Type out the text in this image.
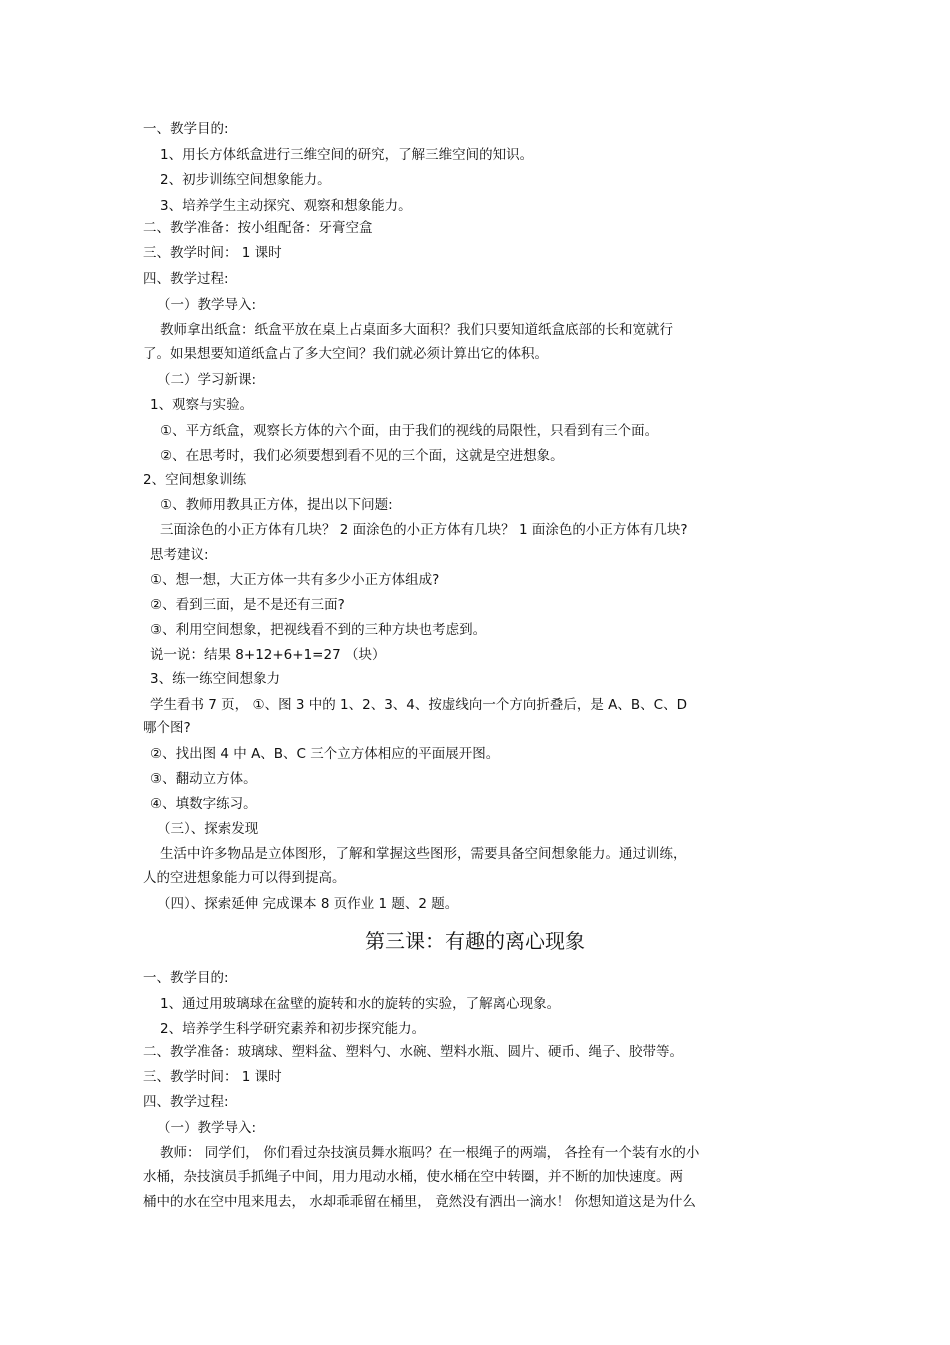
一、教学目的:
1、用长方体纸盒进行三维空间的研究，了解三维空间的知识。
2、初步训练空间想象能力。
3、培养学生主动探究、观察和想象能力。
二、教学准备：按小组配备：牙膏空盒
三、教学时间： 1 课时
四、教学过程:
（一）教学导入:
教师拿出纸盒：纸盒平放在桌上占桌面多大面积？我们只要知道纸盒底部的长和宽就行
了。如果想要知道纸盒占了多大空间？我们就必须计算出它的体积。
（二）学习新课:
1、观察与实验。
①、平方纸盒，观察长方体的六个面，由于我们的视线的局限性，只看到有三个面。
②、在思考时，我们必须要想到看不见的三个面，这就是空进想象。
2、空间想象训练
①、教师用教具正方体，提出以下问题:
三面涂色的小正方体有几块？ 2 面涂色的小正方体有几块？ 1 面涂色的小正方体有几块?
思考建议:
①、想一想，大正方体一共有多少小正方体组成?
②、看到三面，是不是还有三面?
③、利用空间想象，把视线看不到的三种方块也考虑到。
说一说：结果 8+12+6+1=27 （块）
3、练一练空间想象力
学生看书 7 页， ①、图 3 中的 1、2、3、4、按虚线向一个方向折叠后，是 A、B、C、D
哪个图?
②、找出图 4 中 A、B、C 三个立方体相应的平面展开图。
③、翻动立方体。
④、填数字练习。
（三）、探索发现
生活中许多物品是立体图形，了解和掌握这些图形，需要具备空间想象能力。通过训练，
人的空进想象能力可以得到提高。
（四）、探索延伸 完成课本 8 页作业 1 题、2 题。
第三课：有趣的离心现象
一、教学目的:
1、通过用玻璃球在盆壁的旋转和水的旋转的实验，了解离心现象。
2、培养学生科学研究素养和初步探究能力。
二、教学准备：玻璃球、塑料盆、塑料勺、水碗、塑料水瓶、圆片、硬币、绳子、胶带等。
三、教学时间： 1 课时
四、教学过程:
（一）教学导入:
教师： 同学们， 你们看过杂技演员舞水瓶吗？在一根绳子的两端， 各拴有一个装有水的小
水桶，杂技演员手抓绳子中间，用力甩动水桶，使水桶在空中转圈，并不断的加快速度。两
桶中的水在空中甩来甩去， 水却乖乖留在桶里， 竟然没有洒出一滴水！ 你想知道这是为什么
